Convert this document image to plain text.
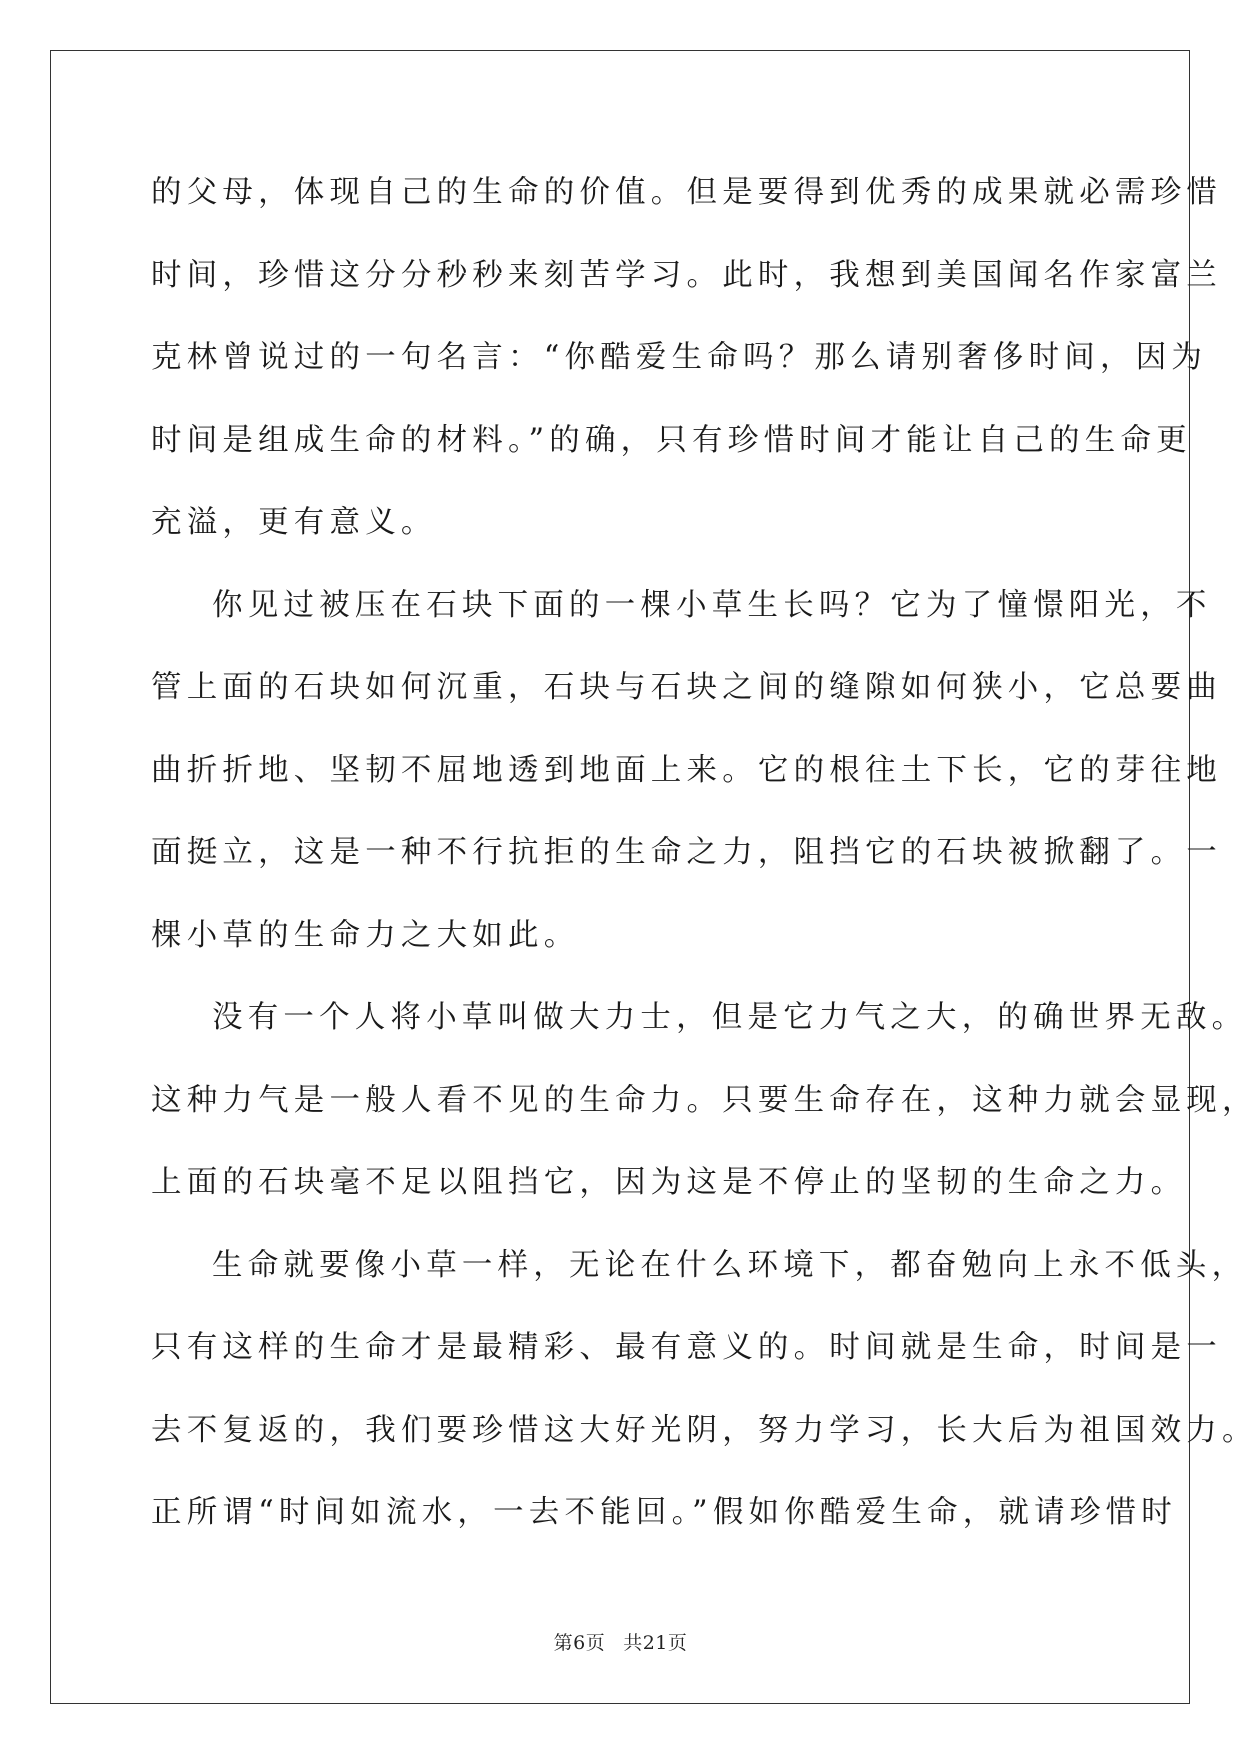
的父母，体现自己的生命的价值。但是要得到优秀的成果就必需珍惜
时间，珍惜这分分秒秒来刻苦学习。此时，我想到美国闻名作家富兰
克林曾说过的一句名言：“你酷爱生命吗？那么请别奢侈时间，因为
时间是组成生命的材料。”的确，只有珍惜时间才能让自己的生命更
充溢，更有意义。
你见过被压在石块下面的一棵小草生长吗？它为了憧憬阳光，不
管上面的石块如何沉重，石块与石块之间的缝隙如何狭小，它总要曲
曲折折地、坚韧不屈地透到地面上来。它的根往土下长，它的芽往地
面挺立，这是一种不行抗拒的生命之力，阻挡它的石块被掀翻了。一
棵小草的生命力之大如此。
没有一个人将小草叫做大力士，但是它力气之大，的确世界无敌。
这种力气是一般人看不见的生命力。只要生命存在，这种力就会显现，
上面的石块毫不足以阻挡它，因为这是不停止的坚韧的生命之力。
生命就要像小草一样，无论在什么环境下，都奋勉向上永不低头，
只有这样的生命才是最精彩、最有意义的。时间就是生命，时间是一
去不复返的，我们要珍惜这大好光阴，努力学习，长大后为祖国效力。
正所谓“时间如流水，一去不能回。”假如你酷爱生命，就请珍惜时
第6页 共21页
